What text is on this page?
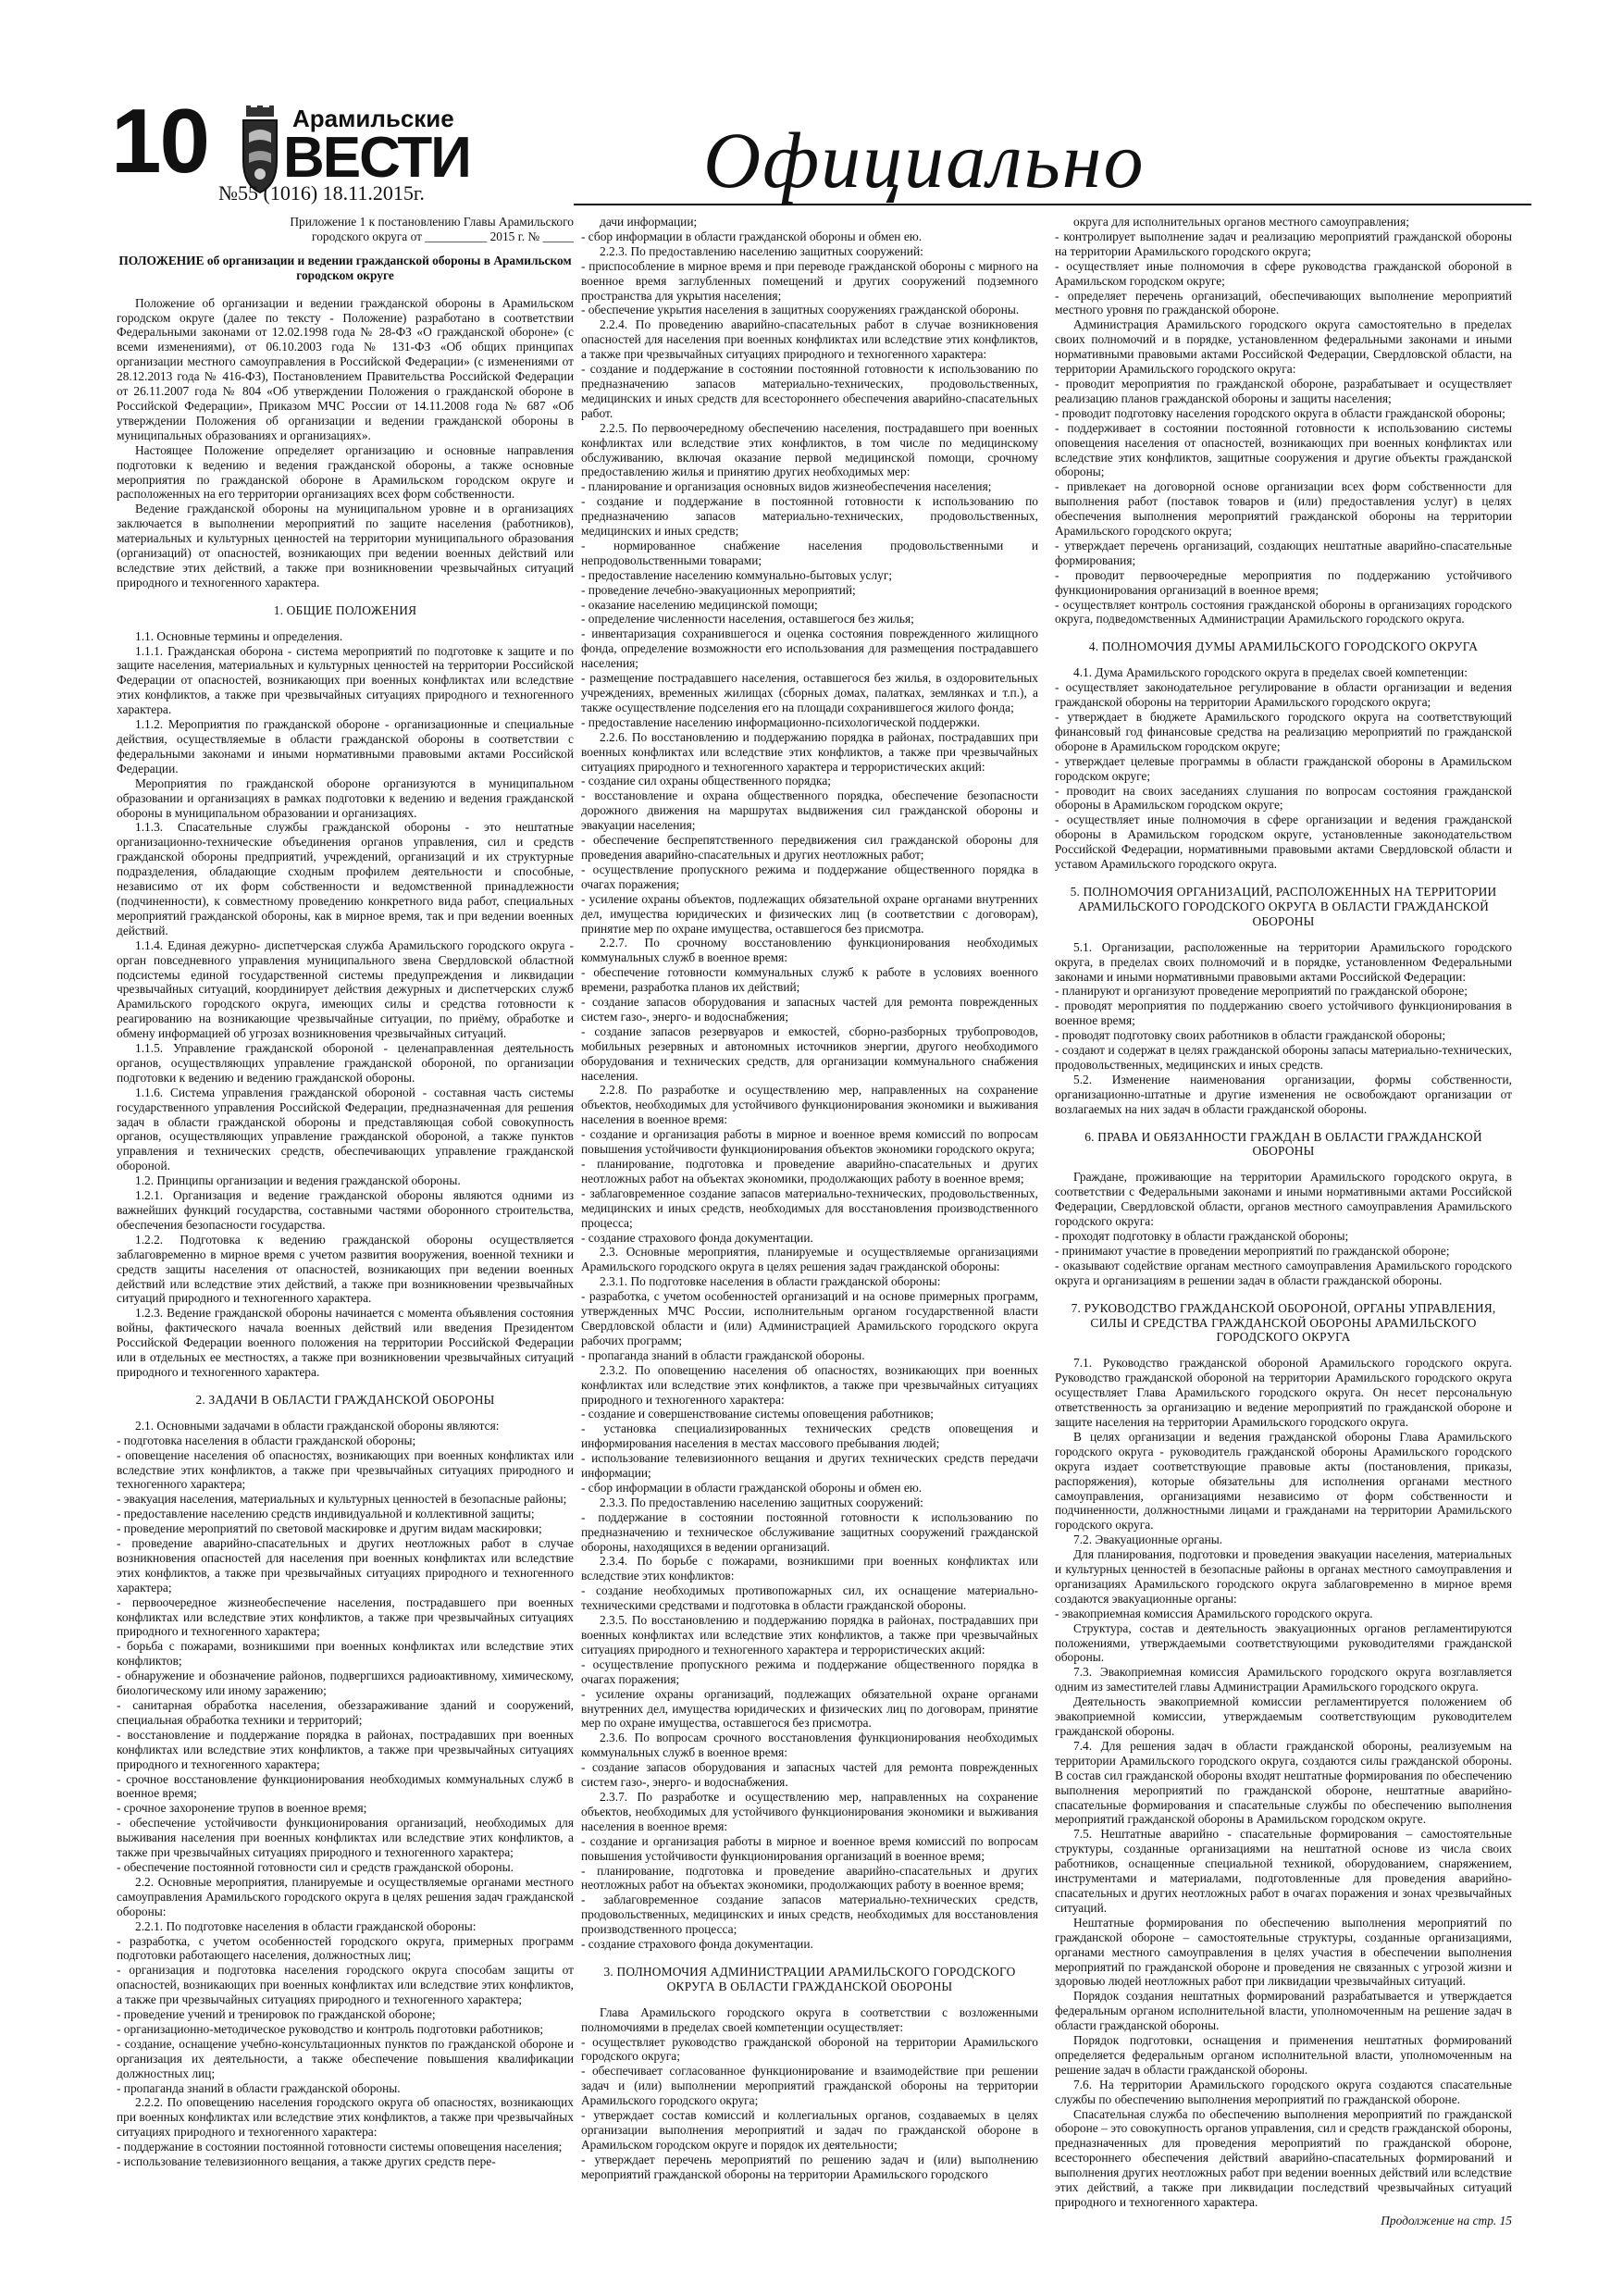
10	Арамильские
ВЕСТИ
№55 (1016) 18.11.2015г.	Официально

Приложение 1 к постановлению Главы Арамильского городского округа от __________ 2015 г. № _____

ПОЛОЖЕНИЕ об организации и ведении гражданской обороны в Арамильском городском округе

Положение об организации и ведении гражданской обороны в Арамильском городском округе (далее по тексту - Положение) разработано в соответствии Федеральными законами от 12.02.1998 года № 28-ФЗ «О гражданской обороне» (с всеми изменениями), от 06.10.2003 года № 131-ФЗ «Об общих принципах организации местного самоуправления в Российской Федерации» (с изменениями от 28.12.2013 года № 416-ФЗ), Постановлением Правительства Российской Федерации от 26.11.2007 года № 804 «Об утверждении Положения о гражданской обороне в Российской Федерации», Приказом МЧС России от 14.11.2008 года № 687 «Об утверждении Положения об организации и ведении гражданской обороны в муниципальных образованиях и организациях».

Настоящее Положение определяет организацию и основные направления подготовки к ведению и ведения гражданской обороны, а также основные мероприятия по гражданской обороне в Арамильском городском округе и расположенных на его территории организациях всех форм собственности.

Ведение гражданской обороны на муниципальном уровне и в организациях заключается в выполнении мероприятий по защите населения (работников), материальных и культурных ценностей на территории муниципального образования (организаций) от опасностей, возникающих при ведении военных действий или вследствие этих действий, а также при возникновении чрезвычайных ситуаций природного и техногенного характера.

1. ОБЩИЕ ПОЛОЖЕНИЯ

1.1. Основные термины и определения.

1.1.1. Гражданская оборона - система мероприятий по подготовке к защите и по защите населения, материальных и культурных ценностей на территории Российской Федерации от опасностей, возникающих при военных конфликтах или вследствие этих конфликтов, а также при чрезвычайных ситуациях природного и техногенного характера.

1.1.2. Мероприятия по гражданской обороне - организационные и специальные действия, осуществляемые в области гражданской обороны в соответствии с федеральными законами и иными нормативными правовыми актами Российской Федерации.

Мероприятия по гражданской обороне организуются в муниципальном образовании и организациях в рамках подготовки к ведению и ведения гражданской обороны в муниципальном образовании и организациях.

1.1.3. Спасательные службы гражданской обороны - это нештатные организационно-технические объединения органов управления, сил и средств гражданской обороны предприятий, учреждений, организаций и их структурные подразделения, обладающие сходным профилем деятельности и способные, независимо от их форм собственности и ведомственной принадлежности (подчиненности), к совместному проведению конкретного вида работ, специальных мероприятий гражданской обороны, как в мирное время, так и при ведении военных действий.

1.1.4. Единая дежурно- диспетчерская служба Арамильского городского округа - орган повседневного управления муниципального звена Свердловской областной подсистемы единой государственной системы предупреждения и ликвидации чрезвычайных ситуаций, координирует действия дежурных и диспетчерских служб Арамильского городского округа, имеющих силы и средства готовности к реагированию на возникающие чрезвычайные ситуации, по приёму, обработке и обмену информацией об угрозах возникновения чрезвычайных ситуаций.

1.1.5. Управление гражданской обороной - целенаправленная деятельность органов, осуществляющих управление гражданской обороной, по организации подготовки к ведению и ведению гражданской обороны.

1.1.6. Система управления гражданской обороной - составная часть системы государственного управления Российской Федерации, предназначенная для решения задач в области гражданской обороны и представляющая собой совокупность органов, осуществляющих управление гражданской обороной, а также пунктов управления и технических средств, обеспечивающих управление гражданской обороной.

1.2. Принципы организации и ведения гражданской обороны.

1.2.1. Организация и ведение гражданской обороны являются одними из важнейших функций государства, составными частями оборонного строительства, обеспечения безопасности государства.

1.2.2. Подготовка к ведению гражданской обороны осуществляется заблаговременно в мирное время с учетом развития вооружения, военной техники и средств защиты населения от опасностей, возникающих при ведении военных действий или вследствие этих действий, а также при возникновении чрезвычайных ситуаций природного и техногенного характера.

1.2.3. Ведение гражданской обороны начинается с момента объявления состояния войны, фактического начала военных действий или введения Президентом Российской Федерации военного положения на территории Российской Федерации или в отдельных ее местностях, а также при возникновении чрезвычайных ситуаций природного и техногенного характера.

2. ЗАДАЧИ В ОБЛАСТИ ГРАЖДАНСКОЙ ОБОРОНЫ

2.1. Основными задачами в области гражданской обороны являются:

- подготовка населения в области гражданской обороны;

- оповещение населения об опасностях, возникающих при военных конфликтах или вследствие этих конфликтов, а также при чрезвычайных ситуациях природного и техногенного характера;

- эвакуация населения, материальных и культурных ценностей в безопасные районы;

- предоставление населению средств индивидуальной и коллективной защиты;

- проведение мероприятий по световой маскировке и другим видам маскировки;

- проведение аварийно-спасательных и других неотложных работ в случае возникновения опасностей для населения при военных конфликтах или вследствие этих конфликтов, а также при чрезвычайных ситуациях природного и техногенного характера;

- первоочередное жизнеобеспечение населения, пострадавшего при военных конфликтах или вследствие этих конфликтов, а также при чрезвычайных ситуациях природного и техногенного характера;

- борьба с пожарами, возникшими при военных конфликтах или вследствие этих конфликтов;

- обнаружение и обозначение районов, подвергшихся радиоактивному, химическому, биологическому или иному заражению;

- санитарная обработка населения, обеззараживание зданий и сооружений, специальная обработка техники и территорий;

- восстановление и поддержание порядка в районах, пострадавших при военных конфликтах или вследствие этих конфликтов, а также при чрезвычайных ситуациях природного и техногенного характера;

- срочное восстановление функционирования необходимых коммунальных служб в военное время;

- срочное захоронение трупов в военное время;

- обеспечение устойчивости функционирования организаций, необходимых для выживания населения при военных конфликтах или вследствие этих конфликтов, а также при чрезвычайных ситуациях природного и техногенного характера;

- обеспечение постоянной готовности сил и средств гражданской обороны.

2.2. Основные мероприятия, планируемые и осуществляемые органами местного самоуправления Арамильского городского округа в целях решения задач гражданской обороны:

2.2.1. По подготовке населения в области гражданской обороны:

- разработка, с учетом особенностей городского округа, примерных программ подготовки работающего населения, должностных лиц;

- организация и подготовка населения городского округа способам защиты от опасностей, возникающих при военных конфликтах или вследствие этих конфликтов, а также при чрезвычайных ситуациях природного и техногенного характера;

- проведение учений и тренировок по гражданской обороне;

- организационно-методическое руководство и контроль подготовки работников;

- создание, оснащение учебно-консультационных пунктов по гражданской обороне и организация их деятельности, а также обеспечение повышения квалификации должностных лиц;

- пропаганда знаний в области гражданской обороны.

2.2.2. По оповещению населения городского округа об опасностях, возникающих при военных конфликтах или вследствие этих конфликтов, а также при чрезвычайных ситуациях природного и техногенного характера:

- поддержание в состоянии постоянной готовности системы оповещения населения;

- использование телевизионного вещания, а также других средств пере-

дачи информации;

- сбор информации в области гражданской обороны и обмен ею.

2.2.3. По предоставлению населению защитных сооружений:

- приспособление в мирное время и при переводе гражданской обороны с мирного на военное время заглубленных помещений и других сооружений подземного пространства для укрытия населения;

- обеспечение укрытия населения в защитных сооружениях гражданской обороны.

2.2.4. По проведению аварийно-спасательных работ в случае возникновения опасностей для населения при военных конфликтах или вследствие этих конфликтов, а также при чрезвычайных ситуациях природного и техногенного характера:

- создание и поддержание в состоянии постоянной готовности к использованию по предназначению запасов материально-технических, продовольственных, медицинских и иных средств для всестороннего обеспечения аварийно-спасательных работ.

2.2.5. По первоочередному обеспечению населения, пострадавшего при военных конфликтах или вследствие этих конфликтов, в том числе по медицинскому обслуживанию, включая оказание первой медицинской помощи, срочному предоставлению жилья и принятию других необходимых мер:

- планирование и организация основных видов жизнеобеспечения населения;

- создание и поддержание в постоянной готовности к использованию по предназначению запасов материально-технических, продовольственных, медицинских и иных средств;

- нормированное снабжение населения продовольственными и непродовольственными товарами;

- предоставление населению коммунально-бытовых услуг;

- проведение лечебно-эвакуационных мероприятий;

- оказание населению медицинской помощи;

- определение численности населения, оставшегося без жилья;

- инвентаризация сохранившегося и оценка состояния поврежденного жилищного фонда, определение возможности его использования для размещения пострадавшего населения;

- размещение пострадавшего населения, оставшегося без жилья, в оздоровительных учреждениях, временных жилищах (сборных домах, палатках, землянках и т.п.), а также осуществление подселения его на площади сохранившегося жилого фонда;

- предоставление населению информационно-психологической поддержки.

2.2.6. По восстановлению и поддержанию порядка в районах, пострадавших при военных конфликтах или вследствие этих конфликтов, а также при чрезвычайных ситуациях природного и техногенного характера и террористических акций:

- создание сил охраны общественного порядка;

- восстановление и охрана общественного порядка, обеспечение безопасности дорожного движения на маршрутах выдвижения сил гражданской обороны и эвакуации населения;

- обеспечение беспрепятственного передвижения сил гражданской обороны для проведения аварийно-спасательных и других неотложных работ;

- осуществление пропускного режима и поддержание общественного порядка в очагах поражения;

- усиление охраны объектов, подлежащих обязательной охране органами внутренних дел, имущества юридических и физических лиц (в соответствии с договорам), принятие мер по охране имущества, оставшегося без присмотра.

2.2.7. По срочному восстановлению функционирования необходимых коммунальных служб в военное время:

- обеспечение готовности коммунальных служб к работе в условиях военного времени, разработка планов их действий;

- создание запасов оборудования и запасных частей для ремонта поврежденных систем газо-, энерго- и водоснабжения;

- создание запасов резервуаров и емкостей, сборно-разборных трубопроводов, мобильных резервных и автономных источников энергии, другого необходимого оборудования и технических средств, для организации коммунального снабжения населения.

2.2.8. По разработке и осуществлению мер, направленных на сохранение объектов, необходимых для устойчивого функционирования экономики и выживания населения в военное время:

- создание и организация работы в мирное и военное время комиссий по вопросам повышения устойчивости функционирования объектов экономики городского округа;

- планирование, подготовка и проведение аварийно-спасательных и других неотложных работ на объектах экономики, продолжающих работу в военное время;

- заблаговременное создание запасов материально-технических, продовольственных, медицинских и иных средств, необходимых для восстановления производственного процесса;

- создание страхового фонда документации.

2.3. Основные мероприятия, планируемые и осуществляемые организациями Арамильского городского округа в целях решения задач гражданской обороны:

2.3.1. По подготовке населения в области гражданской обороны:

- разработка, с учетом особенностей организаций и на основе примерных программ, утвержденных МЧС России, исполнительным органом государственной власти Свердловской области и (или) Администрацией Арамильского городского округа рабочих программ;

- пропаганда знаний в области гражданской обороны.

2.3.2. По оповещению населения об опасностях, возникающих при военных конфликтах или вследствие этих конфликтов, а также при чрезвычайных ситуациях природного и техногенного характера:

- создание и совершенствование системы оповещения работников;

- установка специализированных технических средств оповещения и информирования населения в местах массового пребывания людей;

- использование телевизионного вещания и других технических средств передачи информации;

- сбор информации в области гражданской обороны и обмен ею.

2.3.3. По предоставлению населению защитных сооружений:

- поддержание в состоянии постоянной готовности к использованию по предназначению и техническое обслуживание защитных сооружений гражданской обороны, находящихся в ведении организаций.

2.3.4. По борьбе с пожарами, возникшими при военных конфликтах или вследствие этих конфликтов:

- создание необходимых противопожарных сил, их оснащение материально-техническими средствами и подготовка в области гражданской обороны.

2.3.5. По восстановлению и поддержанию порядка в районах, пострадавших при военных конфликтах или вследствие этих конфликтов, а также при чрезвычайных ситуациях природного и техногенного характера и террористических акций:

- осуществление пропускного режима и поддержание общественного порядка в очагах поражения;

- усиление охраны организаций, подлежащих обязательной охране органами внутренних дел, имущества юридических и физических лиц по договорам, принятие мер по охране имущества, оставшегося без присмотра.

2.3.6. По вопросам срочного восстановления функционирования необходимых коммунальных служб в военное время:

- создание запасов оборудования и запасных частей для ремонта поврежденных систем газо-, энерго- и водоснабжения.

2.3.7. По разработке и осуществлению мер, направленных на сохранение объектов, необходимых для устойчивого функционирования экономики и выживания населения в военное время:

- создание и организация работы в мирное и военное время комиссий по вопросам повышения устойчивости функционирования организаций в военное время;

- планирование, подготовка и проведение аварийно-спасательных и других неотложных работ на объектах экономики, продолжающих работу в военное время;

- заблаговременное создание запасов материально-технических средств, продовольственных, медицинских и иных средств, необходимых для восстановления производственного процесса;

- создание страхового фонда документации.

3. ПОЛНОМОЧИЯ АДМИНИСТРАЦИИ АРАМИЛЬСКОГО ГОРОДСКОГО ОКРУГА В ОБЛАСТИ ГРАЖДАНСКОЙ ОБОРОНЫ

Глава Арамильского городского округа в соответствии с возложенными полномочиями в пределах своей компетенции осуществляет:

- осуществляет руководство гражданской обороной на территории Арамильского городского округа;

- обеспечивает согласованное функционирование и взаимодействие при решении задач и (или) выполнении мероприятий гражданской обороны на территории Арамильского городского округа;

- утверждает состав комиссий и коллегиальных органов, создаваемых в целях организации выполнения мероприятий и задач по гражданской обороне в Арамильском городском округе и порядок их деятельности;

- утверждает перечень мероприятий по решению задач и (или) выполнению мероприятий гражданской обороны на территории Арамильского городского

округа для исполнительных органов местного самоуправления;

- контролирует выполнение задач и реализацию мероприятий гражданской обороны на территории Арамильского городского округа;

- осуществляет иные полномочия в сфере руководства гражданской обороной в Арамильском городском округе;

- определяет перечень организаций, обеспечивающих выполнение мероприятий местного уровня по гражданской обороне.

Администрация Арамильского городского округа самостоятельно в пределах своих полномочий и в порядке, установленном федеральными законами и иными нормативными правовыми актами Российской Федерации, Свердловской области, на территории Арамильского городского округа:

- проводит мероприятия по гражданской обороне, разрабатывает и осуществляет реализацию планов гражданской обороны и защиты населения;

- проводит подготовку населения городского округа в области гражданской обороны;

- поддерживает в состоянии постоянной готовности к использованию системы оповещения населения от опасностей, возникающих при военных конфликтах или вследствие этих конфликтов, защитные сооружения и другие объекты гражданской обороны;

- привлекает на договорной основе организации всех форм собственности для выполнения работ (поставок товаров и (или) предоставления услуг) в целях обеспечения выполнения мероприятий гражданской обороны на территории Арамильского городского округа;

- утверждает перечень организаций, создающих нештатные аварийно-спасательные формирования;

- проводит первоочередные мероприятия по поддержанию устойчивого функционирования организаций в военное время;

- осуществляет контроль состояния гражданской обороны в организациях городского округа, подведомственных Администрации Арамильского городского округа.

4. ПОЛНОМОЧИЯ ДУМЫ АРАМИЛЬСКОГО ГОРОДСКОГО ОКРУГА

4.1. Дума Арамильского городского округа в пределах своей компетенции:

- осуществляет законодательное регулирование в области организации и ведения гражданской обороны на территории Арамильского городского округа;

- утверждает в бюджете Арамильского городского округа на соответствующий финансовый год финансовые средства на реализацию мероприятий по гражданской обороне в Арамильском городском округе;

- утверждает целевые программы в области гражданской обороны в Арамильском городском округе;

- проводит на своих заседаниях слушания по вопросам состояния гражданской обороны в Арамильском городском округе;

- осуществляет иные полномочия в сфере организации и ведения гражданской обороны в Арамильском городском округе, установленные законодательством Российской Федерации, нормативными правовыми актами Свердловской области и уставом Арамильского городского округа.

5. ПОЛНОМОЧИЯ ОРГАНИЗАЦИЙ, РАСПОЛОЖЕННЫХ НА ТЕРРИТОРИИ АРАМИЛЬСКОГО ГОРОДСКОГО ОКРУГА В ОБЛАСТИ ГРАЖДАНСКОЙ ОБОРОНЫ

5.1. Организации, расположенные на территории Арамильского городского округа, в пределах своих полномочий и в порядке, установленном Федеральными законами и иными нормативными правовыми актами Российской Федерации:

- планируют и организуют проведение мероприятий по гражданской обороне;

- проводят мероприятия по поддержанию своего устойчивого функционирования в военное время;

- проводят подготовку своих работников в области гражданской обороны;

- создают и содержат в целях гражданской обороны запасы материально-технических, продовольственных, медицинских и иных средств.

5.2. Изменение наименования организации, формы собственности, организационно-штатные и другие изменения не освобождают организации от возлагаемых на них задач в области гражданской обороны.

6. ПРАВА И ОБЯЗАННОСТИ ГРАЖДАН В ОБЛАСТИ ГРАЖДАНСКОЙ ОБОРОНЫ

Граждане, проживающие на территории Арамильского городского округа, в соответствии с Федеральными законами и иными нормативными актами Российской Федерации, Свердловской области, органов местного самоуправления Арамильского городского округа:

- проходят подготовку в области гражданской обороны;

- принимают участие в проведении мероприятий по гражданской обороне;

- оказывают содействие органам местного самоуправления Арамильского городского округа и организациям в решении задач в области гражданской обороны.

7. РУКОВОДСТВО ГРАЖДАНСКОЙ ОБОРОНОЙ, ОРГАНЫ УПРАВЛЕНИЯ, СИЛЫ И СРЕДСТВА ГРАЖДАНСКОЙ ОБОРОНЫ АРАМИЛЬСКОГО ГОРОДСКОГО ОКРУГА

7.1. Руководство гражданской обороной Арамильского городского округа. Руководство гражданской обороной на территории Арамильского городского округа осуществляет Глава Арамильского городского округа. Он несет персональную ответственность за организацию и ведение мероприятий по гражданской обороне и защите населения на территории Арамильского городского округа.

В целях организации и ведения гражданской обороны Глава Арамильского городского округа - руководитель гражданской обороны Арамильского городского округа издает соответствующие правовые акты (постановления, приказы, распоряжения), которые обязательны для исполнения органами местного самоуправления, организациями независимо от форм собственности и подчиненности, должностными лицами и гражданами на территории Арамильского городского округа.

7.2. Эвакуационные органы.

Для планирования, подготовки и проведения эвакуации населения, материальных и культурных ценностей в безопасные районы в органах местного самоуправления и организациях Арамильского городского округа заблаговременно в мирное время создаются эвакуационные органы:

- эвакоприемная комиссия Арамильского городского округа.

Структура, состав и деятельность эвакуационных органов регламентируются положениями, утверждаемыми соответствующими руководителями гражданской обороны.

7.3. Эвакоприемная комиссия Арамильского городского округа возглавляется одним из заместителей главы Администрации Арамильского городского округа.

Деятельность эвакоприемной комиссии регламентируется положением об эвакоприемной комиссии, утверждаемым соответствующим руководителем гражданской обороны.

7.4. Для решения задач в области гражданской обороны, реализуемым на территории Арамильского городского округа, создаются силы гражданской обороны. В состав сил гражданской обороны входят нештатные формирования по обеспечению выполнения мероприятий по гражданской обороне, нештатные аварийно-спасательные формирования и спасательные службы по обеспечению выполнения мероприятий гражданской обороны в Арамильском городском округе.

7.5. Нештатные аварийно - спасательные формирования – самостоятельные структуры, созданные организациями на нештатной основе из числа своих работников, оснащенные специальной техникой, оборудованием, снаряжением, инструментами и материалами, подготовленные для проведения аварийно-спасательных и других неотложных работ в очагах поражения и зонах чрезвычайных ситуаций.

Нештатные формирования по обеспечению выполнения мероприятий по гражданской обороне – самостоятельные структуры, созданные организациями, органами местного самоуправления в целях участия в обеспечении выполнения мероприятий по гражданской обороне и проведения не связанных с угрозой жизни и здоровью людей неотложных работ при ликвидации чрезвычайных ситуаций.

Порядок создания нештатных формирований разрабатывается и утверждается федеральным органом исполнительной власти, уполномоченным на решение задач в области гражданской обороны.

Порядок подготовки, оснащения и применения нештатных формирований определяется федеральным органом исполнительной власти, уполномоченным на решение задач в области гражданской обороны.

7.6. На территории Арамильского городского округа создаются спасательные службы по обеспечению выполнения мероприятий по гражданской обороне.

Спасательная служба по обеспечению выполнения мероприятий по гражданской обороне – это совокупность органов управления, сил и средств гражданской обороны, предназначенных для проведения мероприятий по гражданской обороне, всестороннего обеспечения действий аварийно-спасательных формирований и выполнения других неотложных работ при ведении военных действий или вследствие этих действий, а также при ликвидации последствий чрезвычайных ситуаций природного и техногенного характера.

Продолжение на стр. 15
